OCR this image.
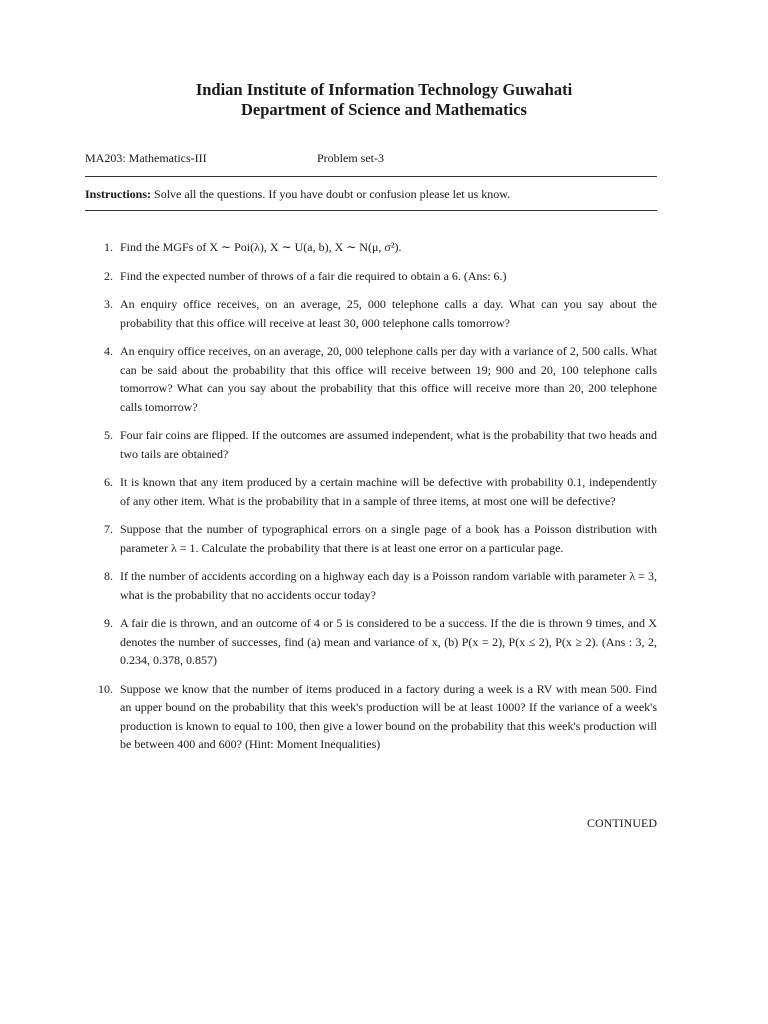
Indian Institute of Information Technology Guwahati
Department of Science and Mathematics
MA203: Mathematics-III	Problem set-3
Instructions: Solve all the questions. If you have doubt or confusion please let us know.
1. Find the MGFs of X ∼ Poi(λ), X ∼ U(a, b), X ∼ N(μ, σ²).
2. Find the expected number of throws of a fair die required to obtain a 6. (Ans: 6.)
3. An enquiry office receives, on an average, 25, 000 telephone calls a day. What can you say about the probability that this office will receive at least 30, 000 telephone calls tomorrow?
4. An enquiry office receives, on an average, 20, 000 telephone calls per day with a variance of 2, 500 calls. What can be said about the probability that this office will receive between 19; 900 and 20, 100 telephone calls tomorrow? What can you say about the probability that this office will receive more than 20, 200 telephone calls tomorrow?
5. Four fair coins are flipped. If the outcomes are assumed independent, what is the probability that two heads and two tails are obtained?
6. It is known that any item produced by a certain machine will be defective with probability 0.1, independently of any other item. What is the probability that in a sample of three items, at most one will be defective?
7. Suppose that the number of typographical errors on a single page of a book has a Poisson distribution with parameter λ = 1. Calculate the probability that there is at least one error on a particular page.
8. If the number of accidents according on a highway each day is a Poisson random variable with parameter λ = 3, what is the probability that no accidents occur today?
9. A fair die is thrown, and an outcome of 4 or 5 is considered to be a success. If the die is thrown 9 times, and X denotes the number of successes, find (a) mean and variance of x, (b) P(x = 2), P(x ≤ 2), P(x ≥ 2). (Ans : 3, 2, 0.234, 0.378, 0.857)
10. Suppose we know that the number of items produced in a factory during a week is a RV with mean 500. Find an upper bound on the probability that this week's production will be at least 1000? If the variance of a week's production is known to equal to 100, then give a lower bound on the probability that this week's production will be between 400 and 600? (Hint: Moment Inequalities)
CONTINUED
